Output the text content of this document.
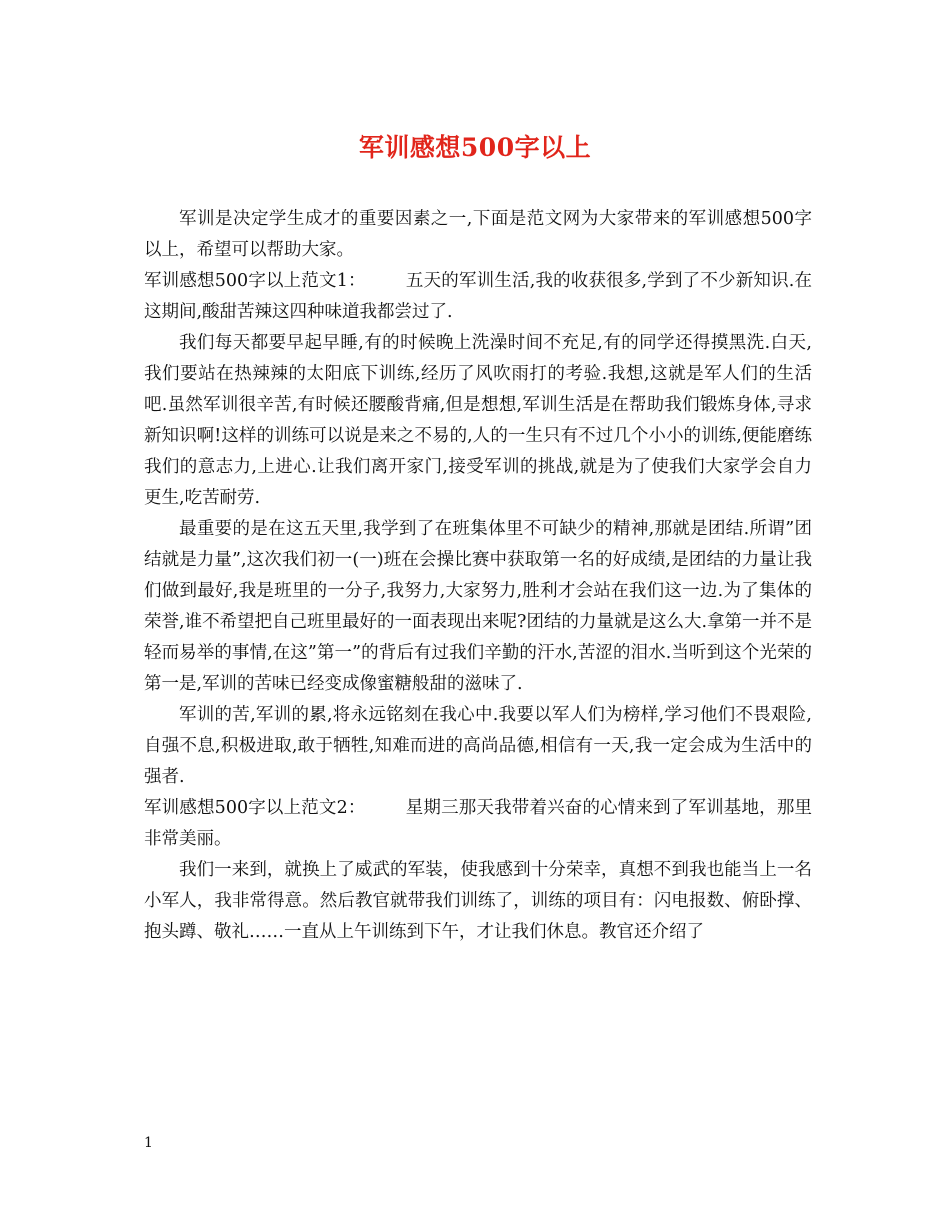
军训感想500字以上

军训是决定学生成才的重要因素之一,下面是范文网为大家带来的军训感想500字以上，希望可以帮助大家。

军训感想500字以上范文1： 五天的军训生活,我的收获很多,学到了不少新知识.在这期间,酸甜苦辣这四种味道我都尝过了.

我们每天都要早起早睡,有的时候晚上洗澡时间不充足,有的同学还得摸黑洗.白天,我们要站在热辣辣的太阳底下训练,经历了风吹雨打的考验.我想,这就是军人们的生活吧.虽然军训很辛苦,有时候还腰酸背痛,但是想想,军训生活是在帮助我们锻炼身体,寻求新知识啊!这样的训练可以说是来之不易的,人的一生只有不过几个小小的训练,便能磨练我们的意志力,上进心.让我们离开家门,接受军训的挑战,就是为了使我们大家学会自力更生,吃苦耐劳.

最重要的是在这五天里,我学到了在班集体里不可缺少的精神,那就是团结.所谓”团结就是力量”,这次我们初一(一)班在会操比赛中获取第一名的好成绩,是团结的力量让我们做到最好,我是班里的一分子,我努力,大家努力,胜利才会站在我们这一边.为了集体的荣誉,谁不希望把自己班里最好的一面表现出来呢?团结的力量就是这么大.拿第一并不是轻而易举的事情,在这”第一”的背后有过我们辛勤的汗水,苦涩的泪水.当听到这个光荣的第一是,军训的苦味已经变成像蜜糖般甜的滋味了.

军训的苦,军训的累,将永远铭刻在我心中.我要以军人们为榜样,学习他们不畏艰险,自强不息,积极进取,敢于牺牲,知难而进的高尚品德,相信有一天,我一定会成为生活中的强者.

军训感想500字以上范文2： 星期三那天我带着兴奋的心情来到了军训基地，那里非常美丽。

我们一来到，就换上了威武的军装，使我感到十分荣幸，真想不到我也能当上一名小军人，我非常得意。然后教官就带我们训练了，训练的项目有：闪电报数、俯卧撑、抱头蹲、敬礼……一直从上午训练到下午，才让我们休息。教官还介绍了

1
